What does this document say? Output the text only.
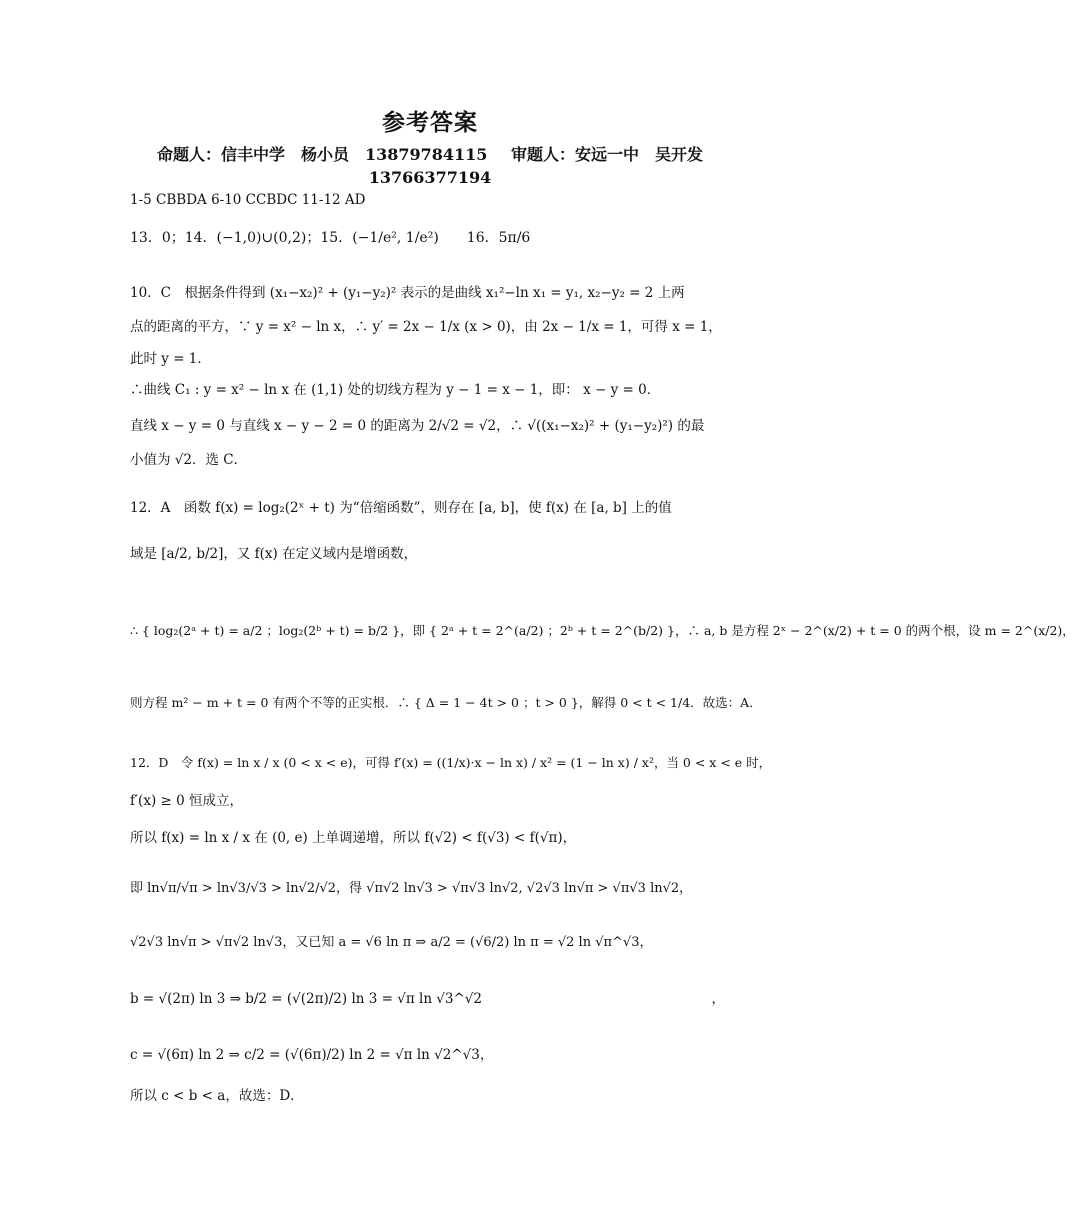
参考答案
命题人：信丰中学　杨小员　13879784115 审题人：安远一中　吴开发
13766377194
1-5 CBBDA 6-10 CCBDC 11-12 AD
13．0；14．(−1,0)∪(0,2)；15．(−1/e², 1/e²)　　16．5π/6

10．C　根据条件得到 (x₁−x₂)² + (y₁−y₂)² 表示的是曲线 x₁²−ln x₁ = y₁, x₂−y₂ = 2 上两

点的距离的平方，∵ y = x² − ln x，∴ y′ = 2x − 1/x (x > 0)，由 2x − 1/x = 1，可得 x = 1，

此时 y = 1．

∴曲线 C₁ : y = x² − ln x 在 (1,1) 处的切线方程为 y − 1 = x − 1，即： x − y = 0．

直线 x − y = 0 与直线 x − y − 2 = 0 的距离为 2/√2 = √2，∴ √((x₁−x₂)² + (y₁−y₂)²) 的最

小值为 √2．选 C．

12．A　函数 f(x) = log₂(2ˣ + t) 为“倍缩函数”，则存在 [a, b]，使 f(x) 在 [a, b] 上的值

域是 [a/2, b/2]，又 f(x) 在定义域内是增函数，

∴ { log₂(2ᵃ + t) = a/2 ；log₂(2ᵇ + t) = b/2 }，即 { 2ᵃ + t = 2^(a/2) ；2ᵇ + t = 2^(b/2) }，∴ a, b 是方程 2ˣ − 2^(x/2) + t = 0 的两个根，设 m = 2^(x/2)，

则方程 m² − m + t = 0 有两个不等的正实根．∴ { Δ = 1 − 4t > 0 ；t > 0 }，解得 0 < t < 1/4．故选：A．

12．D　令 f(x) = ln x / x (0 < x < e)，可得 f′(x) = ((1/x)·x − ln x) / x² = (1 − ln x) / x²，当 0 < x < e 时，

f′(x) ≥ 0 恒成立，

所以 f(x) = ln x / x 在 (0, e) 上单调递增，所以 f(√2) < f(√3) < f(√π)，

即 ln√π/√π > ln√3/√3 > ln√2/√2，得 √π√2 ln√3 > √π√3 ln√2, √2√3 ln√π > √π√3 ln√2，

√2√3 ln√π > √π√2 ln√3，又已知 a = √6 ln π ⇒ a/2 = (√6/2) ln π = √2 ln √π^√3，

b = √(2π) ln 3 ⇒ b/2 = (√(2π)/2) ln 3 = √π ln √3^√2　　　　　　　　　　　　　　　　　，

c = √(6π) ln 2 ⇒ c/2 = (√(6π)/2) ln 2 = √π ln √2^√3，

所以 c < b < a，故选：D．
